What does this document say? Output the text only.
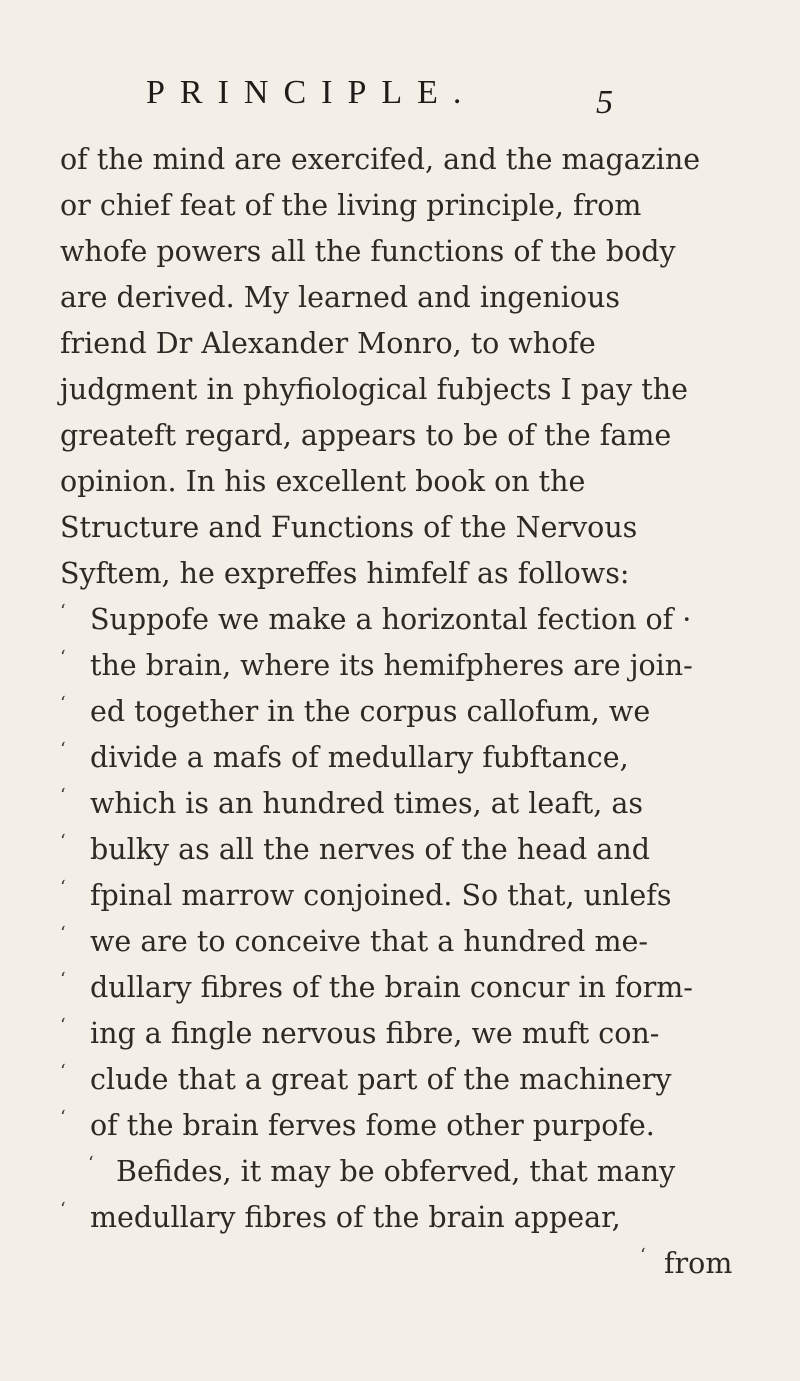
PRINCIPLE.	5
of the mind are exercifed, and the magazine
or chief feat of the living principle, from
whofe powers all the functions of the body
are derived. My learned and ingenious
friend Dr Alexander Monro, to whofe
judgment in phyfiological fubjects I pay the
greateft regard, appears to be of the fame
opinion. In his excellent book on the
Structure and Functions of the Nervous
Syftem, he expreffes himfelf as follows:
‘ Suppofe we make a horizontal fection of ·
‘ the brain, where its hemifpheres are join-
‘ ed together in the corpus callofum, we
‘ divide a mafs of medullary fubftance,
‘ which is an hundred times, at leaft, as
‘ bulky as all the nerves of the head and
‘ fpinal marrow conjoined. So that, unlefs
‘ we are to conceive that a hundred me-
‘ dullary fibres of the brain concur in form-
‘ ing a fingle nervous fibre, we muft con-
‘ clude that a great part of the machinery
‘ of the brain ferves fome other purpofe.
‘ Befides, it may be obferved, that many
‘ medullary fibres of the brain appear,
‘ from
